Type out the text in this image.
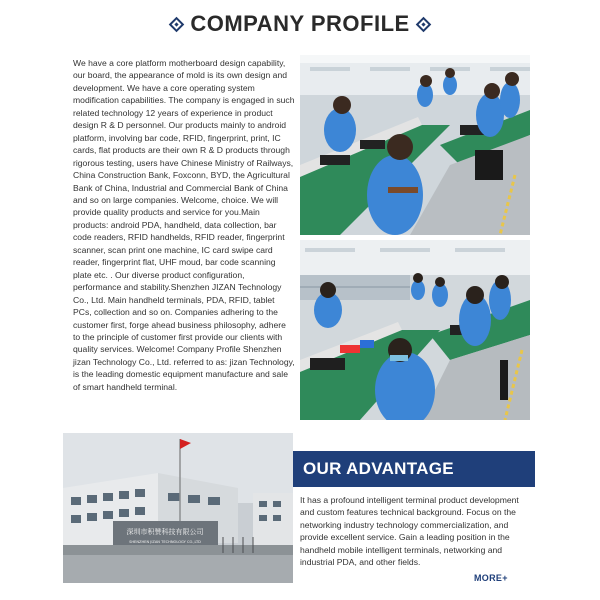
COMPANY PROFILE
We have a core platform motherboard design capability, our board, the appearance of mold is its own design and development. We have a core operating system modification capabilities. The company is engaged in such related technology 12 years of experience in product design R & D personnel. Our products mainly to android platform, involving bar code, RFID, fingerprint, print, IC cards, flat products are their own R & D products through rigorous testing, users have Chinese Ministry of Railways, China Construction Bank, Foxconn, BYD, the Agricultural Bank of China, Industrial and Commercial Bank of China and so on large companies. Welcome, choice. We will provide quality products and service for you.Main products: android PDA, handheld, data collection, bar code readers, RFID handhelds, RFID reader, fingerprint scanner, scan print one machine, IC card swipe card reader, fingerprint flat, UHF moud, bar code scanning plate etc. . Our diverse product configuration, performance and stability.Shenzhen JIZAN Technology Co., Ltd. Main handheld terminals, PDA, RFID, tablet PCs, collection and so on. Companies adhering to the customer first, forge ahead business philosophy, adhere to the principle of customer first provide our clients with quality services. Welcome! Company Profile Shenzhen jizan Technology Co., Ltd. referred to as: jizan Technology, is the leading domestic equipment manufacture and sale of smart handheld terminal.
深圳市积赞科技有限公司
SHENZHEN JIZAN TECHNOLOGY CO.,LTD
OUR ADVANTAGE
It has a profound intelligent terminal product development and custom features technical background. Focus on the networking industry technology commercialization, and provide excellent service. Gain a leading position in the handheld mobile intelligent terminals, networking and industrial PDA, and other fields.
MORE+
